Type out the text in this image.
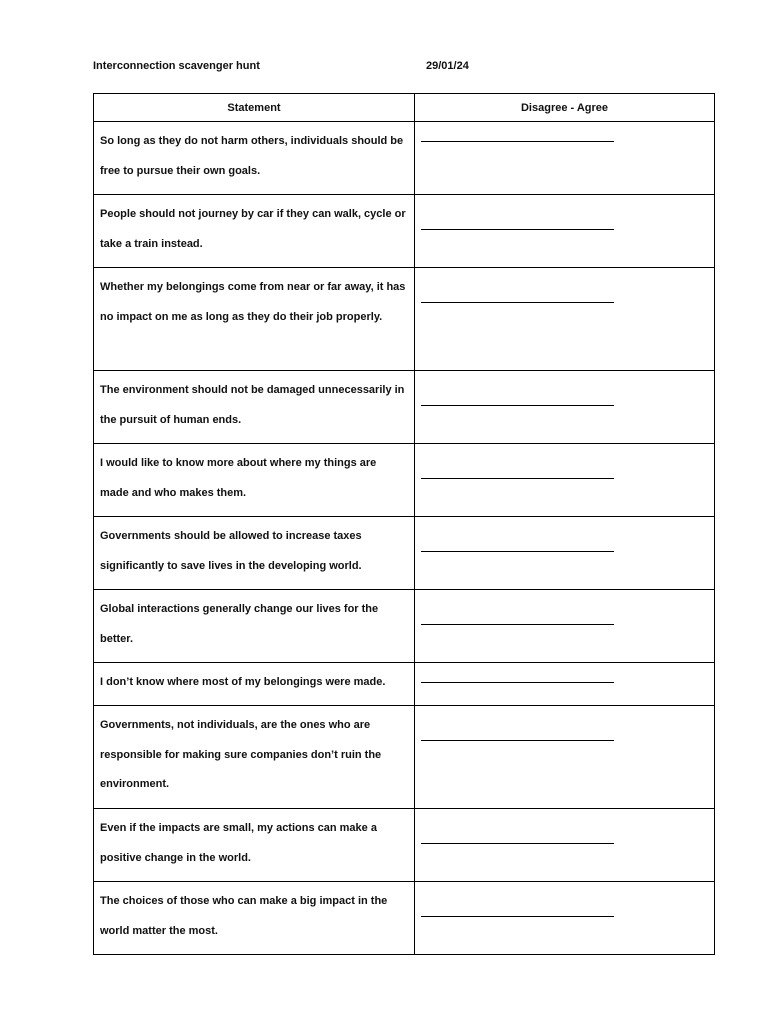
Interconnection scavenger hunt	29/01/24
Statement	Disagree - Agree

So long as they do not harm others, individuals should be free to pursue their own goals.	

People should not journey by car if they can walk, cycle or take a train instead.	

Whether my belongings come from near or far away, it has no impact on me as long as they do their job properly.	

The environment should not be damaged unnecessarily in the pursuit of human ends.	

I would like to know more about where my things are made and who makes them.	

Governments should be allowed to increase taxes significantly to save lives in the developing world.	

Global interactions generally change our lives for the better.	

I don’t know where most of my belongings were made.	

Governments, not individuals, are the ones who are responsible for making sure companies don’t ruin the environment.	

Even if the impacts are small, my actions can make a positive change in the world.	

The choices of those who can make a big impact in the world matter the most.	
